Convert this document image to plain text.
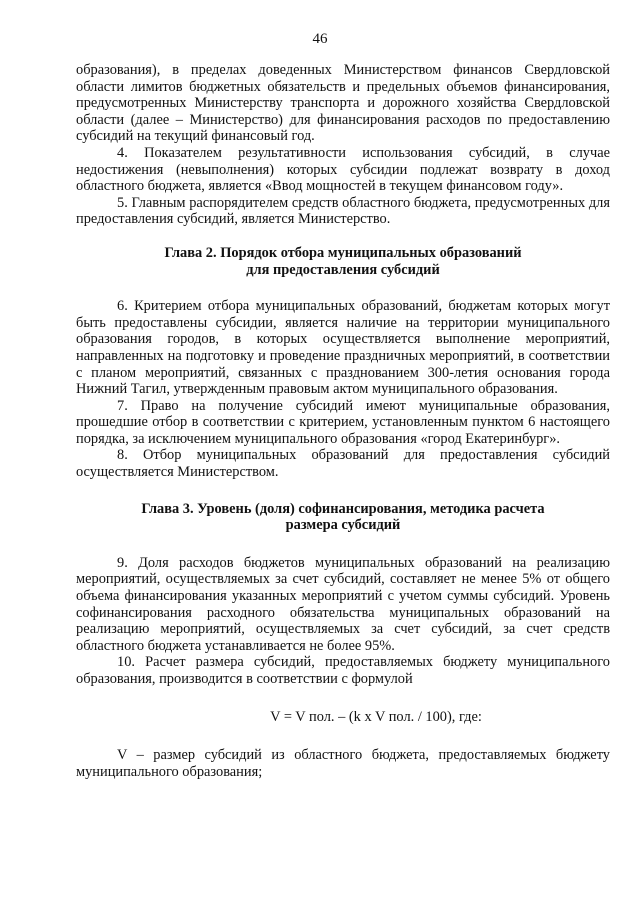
46

образования), в пределах доведенных Министерством финансов Свердловской области лимитов бюджетных обязательств и предельных объемов финансирования, предусмотренных Министерству транспорта и дорожного хозяйства Свердловской области (далее – Министерство) для финансирования расходов по предоставлению субсидий на текущий финансовый год.

4. Показателем результативности использования субсидий, в случае недостижения (невыполнения) которых субсидии подлежат возврату в доход областного бюджета, является «Ввод мощностей в текущем финансовом году».

5. Главным распорядителем средств областного бюджета, предусмотренных для предоставления субсидий, является Министерство.

Глава 2. Порядок отбора муниципальных образований
для предоставления субсидий

6. Критерием отбора муниципальных образований, бюджетам которых могут быть предоставлены субсидии, является наличие на территории муниципального образования городов, в которых осуществляется выполнение мероприятий, направленных на подготовку и проведение праздничных мероприятий, в соответствии с планом мероприятий, связанных с празднованием 300-летия основания города Нижний Тагил, утвержденным правовым актом муниципального образования.

7. Право на получение субсидий имеют муниципальные образования, прошедшие отбор в соответствии с критерием, установленным пунктом 6 настоящего порядка, за исключением муниципального образования «город Екатеринбург».

8. Отбор муниципальных образований для предоставления субсидий осуществляется Министерством.

Глава 3. Уровень (доля) софинансирования, методика расчета
размера субсидий

9. Доля расходов бюджетов муниципальных образований на реализацию мероприятий, осуществляемых за счет субсидий, составляет не менее 5% от общего объема финансирования указанных мероприятий с учетом суммы субсидий. Уровень софинансирования расходного обязательства муниципальных образований на реализацию мероприятий, осуществляемых за счет субсидий, за счет средств областного бюджета устанавливается не более 95%.

10. Расчет размера субсидий, предоставляемых бюджету муниципального образования, производится в соответствии с формулой

V = V пол. – (k x V пол. / 100), где:

V – размер субсидий из областного бюджета, предоставляемых бюджету муниципального образования;
